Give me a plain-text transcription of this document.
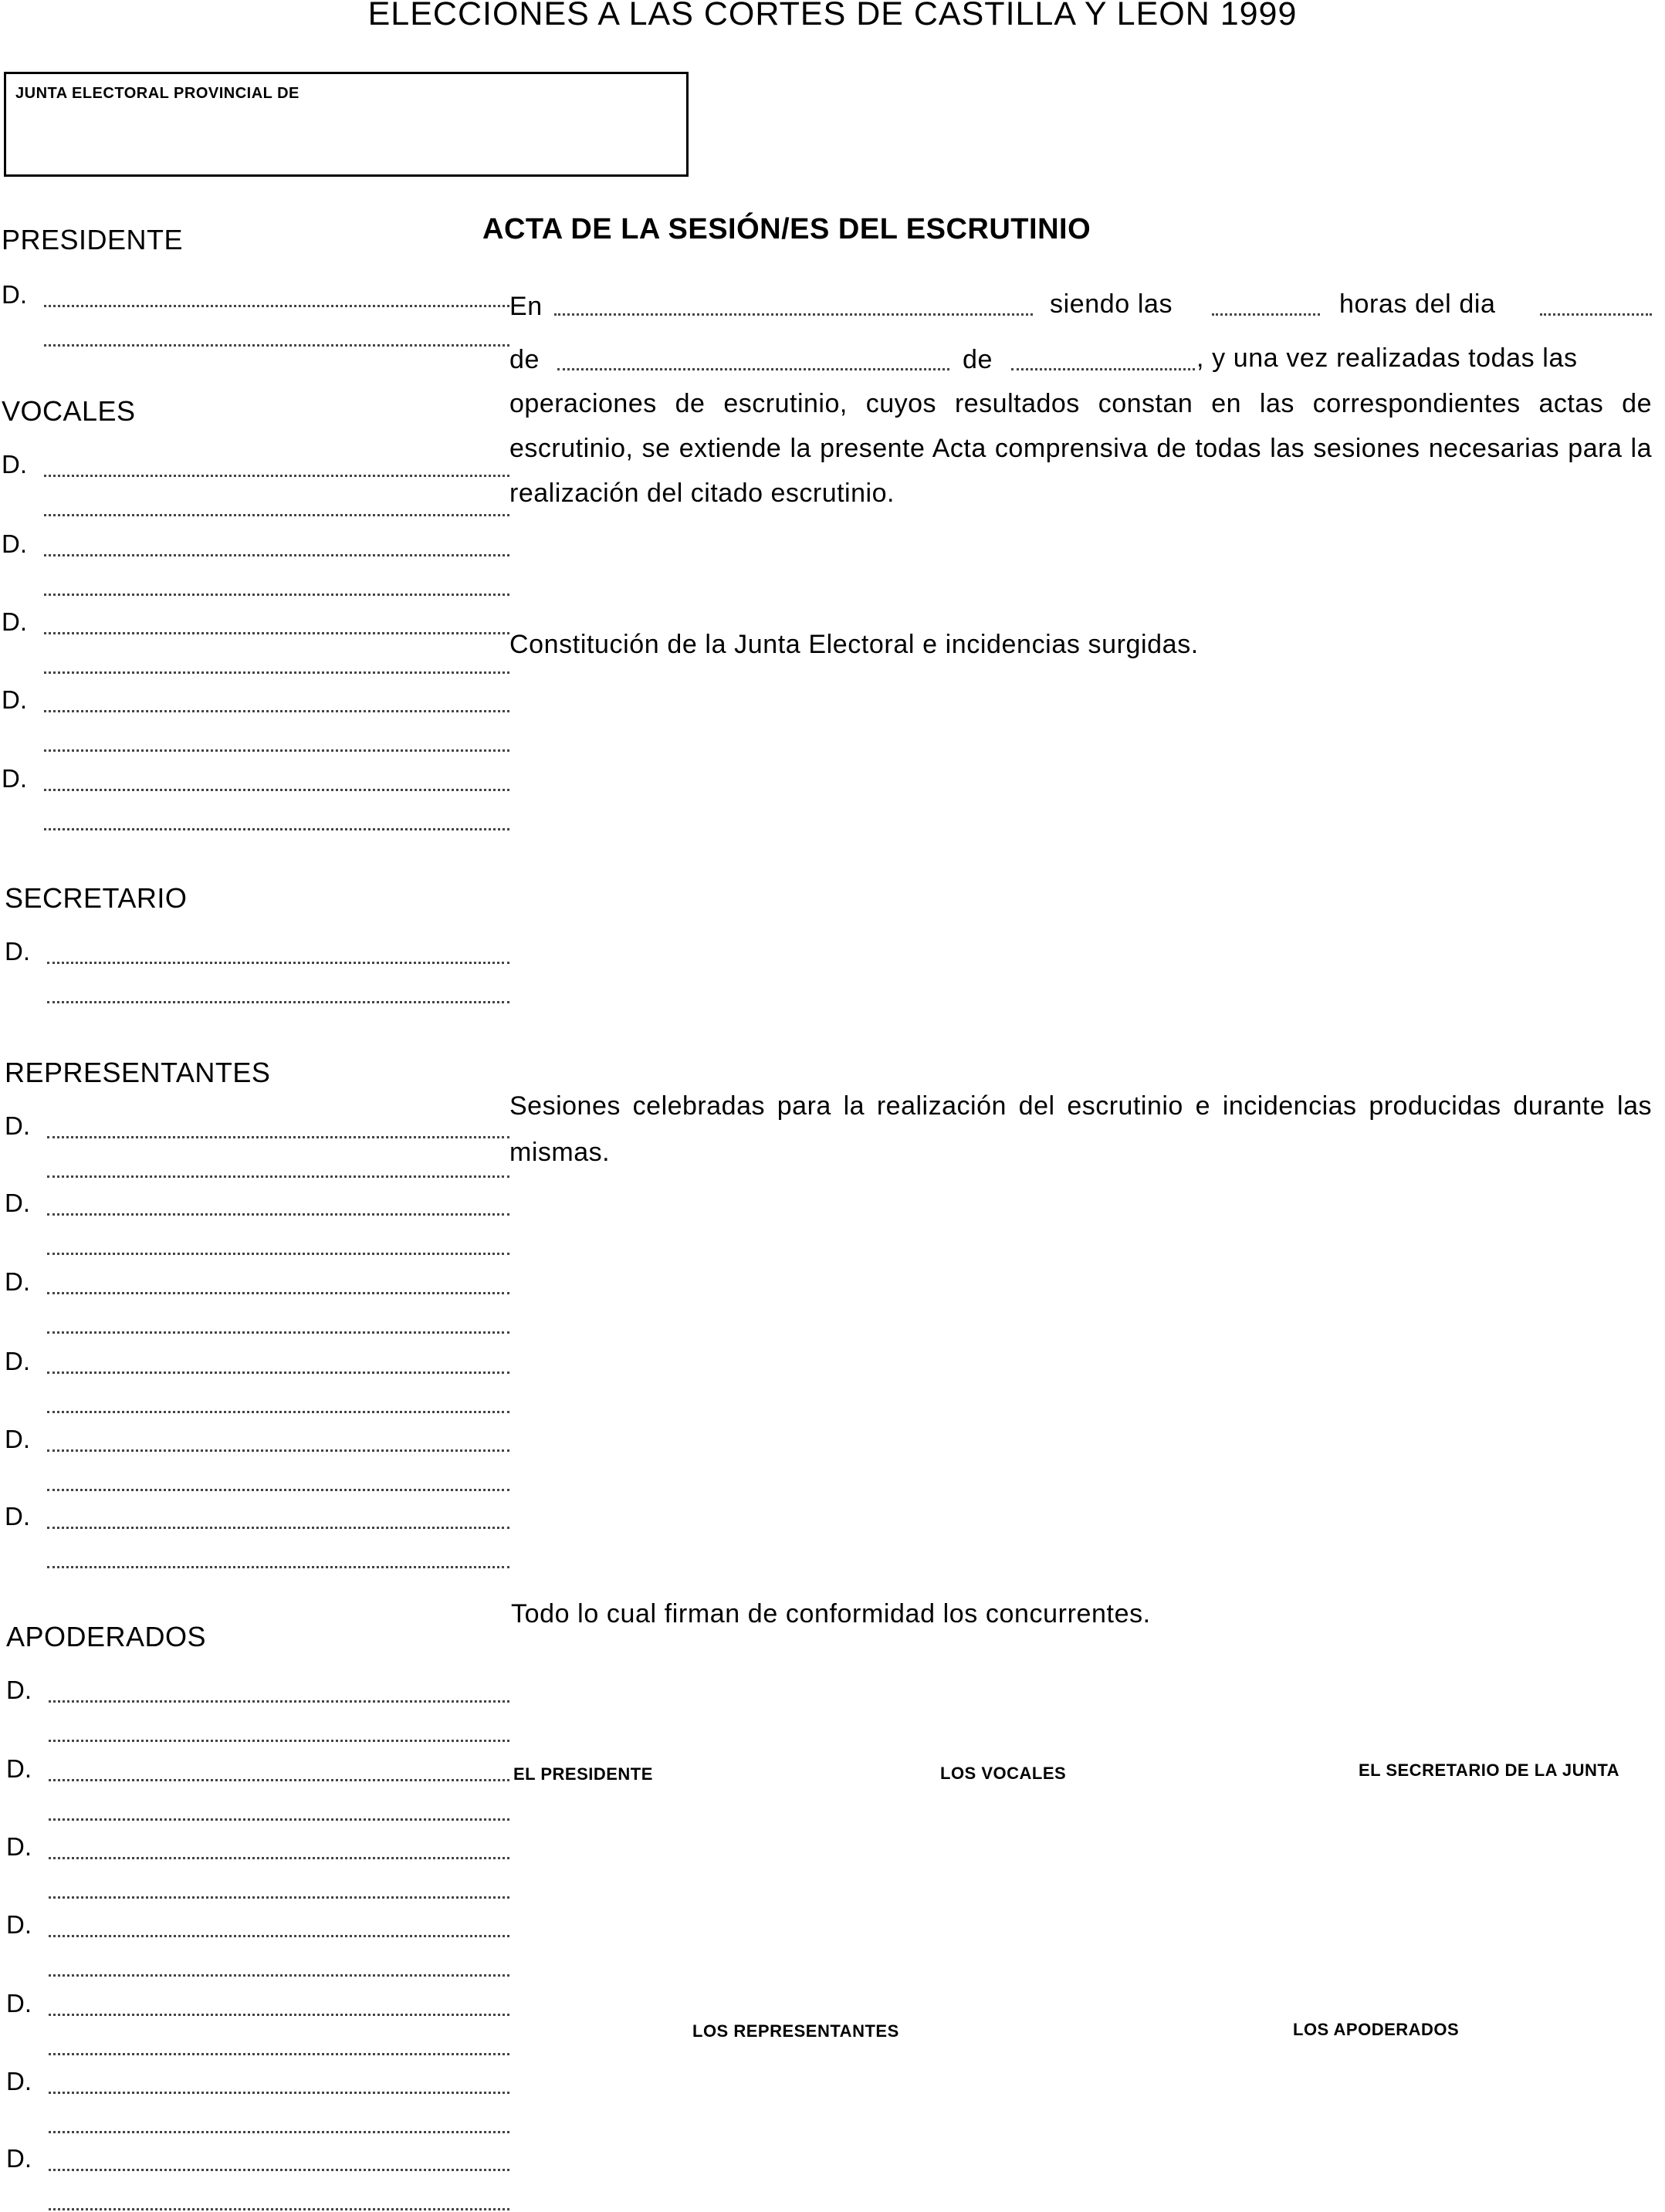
ELECCIONES A LAS CORTES DE CASTILLA Y LEON 1999
JUNTA ELECTORAL PROVINCIAL DE
PRESIDENTE
VOCALES
SECRETARIO
REPRESENTANTES
APODERADOS
D.
D.
D.
D.
D.
D.
D.
D.
D.
D.
D.
D.
D.
D.
D.
D.
D.
D.
D.
D.
ACTA DE LA SESIÓN/ES DEL ESCRUTINIO
En	siendo las	horas del dia
de	de	, y una vez realizadas todas las
operaciones de escrutinio, cuyos resultados constan en las correspondientes actas de escrutinio, se extiende la presente Acta comprensiva de todas las sesiones necesarias para la realización del citado escrutinio.
Constitución de la Junta Electoral e incidencias surgidas.
Sesiones celebradas para la realización del escrutinio e incidencias producidas durante las mismas.
Todo lo cual firman de conformidad los concurrentes.
EL PRESIDENTE	LOS VOCALES	EL SECRETARIO DE LA JUNTA
LOS REPRESENTANTES	LOS APODERADOS
